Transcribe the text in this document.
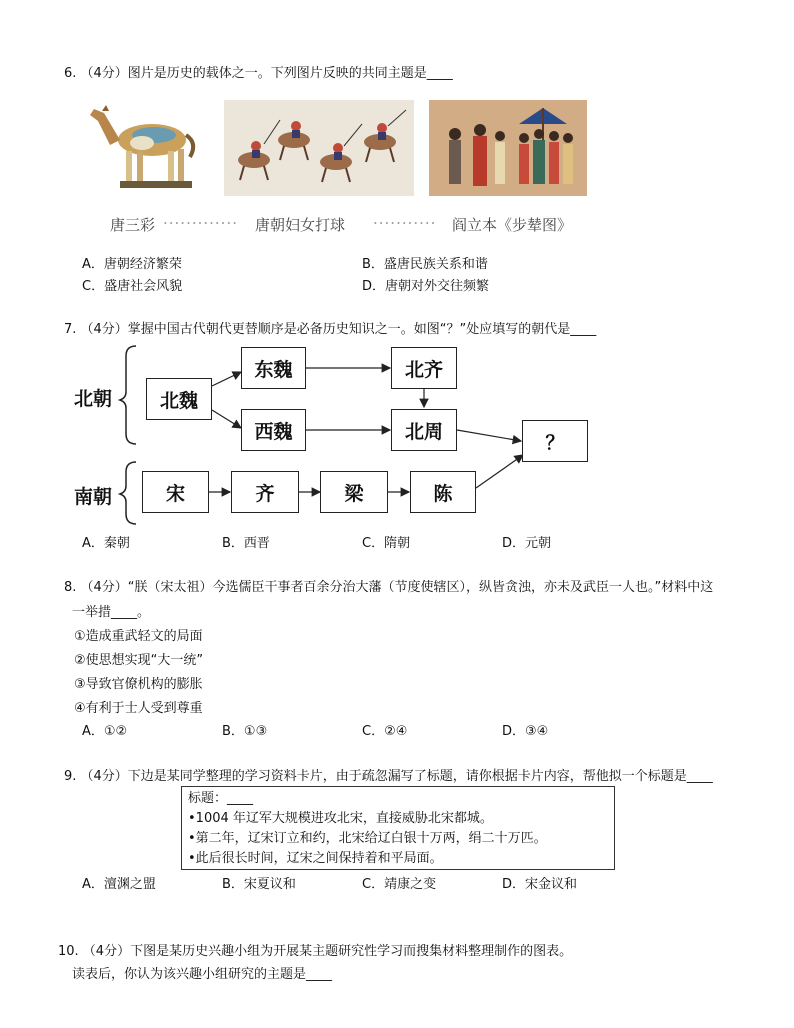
6. （4分）图片是历史的载体之一。下列图片反映的共同主题是____
唐三彩 ············· 唐朝妇女打球 ··········· 阎立本《步辇图》
A．唐朝经济繁荣	B．盛唐民族关系和谐
C．盛唐社会风貌	D．唐朝对外交往频繁
7. （4分）掌握中国古代朝代更替顺序是必备历史知识之一。如图“？”处应填写的朝代是____
北朝
南朝
北魏
东魏
西魏
北齐
北周	？
宋	齐	梁	陈
A．秦朝	B．西晋	C．隋朝	D．元朝
8. （4分）“朕（宋太祖）今选儒臣干事者百余分治大藩（节度使辖区），纵皆贪浊，亦未及武臣一人也。”材料中这
一举措____。
①造成重武轻文的局面
②使思想实现“大一统”
③导致官僚机构的膨胀
④有利于士人受到尊重
A．①②	B．①③	C．②④	D．③④
9. （4分）下边是某同学整理的学习资料卡片，由于疏忽漏写了标题，请你根据卡片内容，帮他拟一个标题是____
标题：____
•1004 年辽军大规模进攻北宋，直接威胁北宋都城。
•第二年，辽宋订立和约，北宋给辽白银十万两，绢二十万匹。
•此后很长时间，辽宋之间保持着和平局面。
A．澶渊之盟	B．宋夏议和	C．靖康之变	D．宋金议和
10. （4分）下图是某历史兴趣小组为开展某主题研究性学习而搜集材料整理制作的图表。
读表后，你认为该兴趣小组研究的主题是____
